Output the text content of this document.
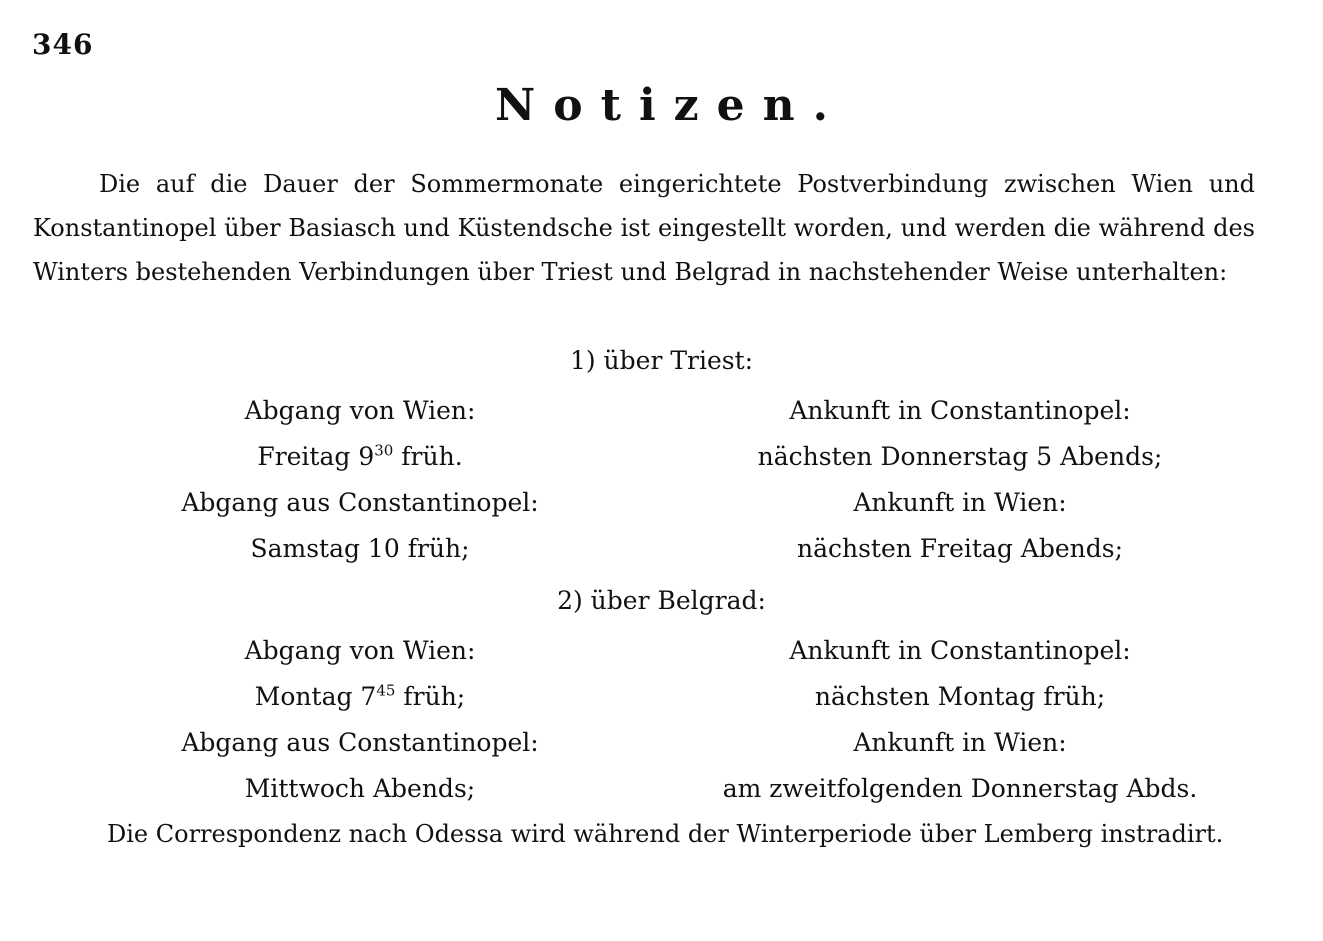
346
Notizen.
Die auf die Dauer der Sommermonate eingerichtete Postverbindung zwischen Wien und Konstantinopel über Basiasch und Küstendsche ist eingestellt worden, und werden die während des Winters bestehenden Verbindungen über Triest und Belgrad in nachstehender Weise unterhalten:
1) über Triest:
Abgang von Wien:
Freitag $9^{30}$ früh.
Abgang aus Constantinopel:
Samstag 10 früh;
Ankunft in Constantinopel:
nächsten Donnerstag 5 Abends;
Ankunft in Wien:
nächsten Freitag Abends;
2) über Belgrad:
Abgang von Wien:
Montag $7^{45}$ früh;
Abgang aus Constantinopel:
Mittwoch Abends;
Ankunft in Constantinopel:
nächsten Montag früh;
Ankunft in Wien:
am zweitfolgenden Donnerstag Abds.
Die Correspondenz nach Odessa wird während der Winterperiode über Lemberg instradirt.
